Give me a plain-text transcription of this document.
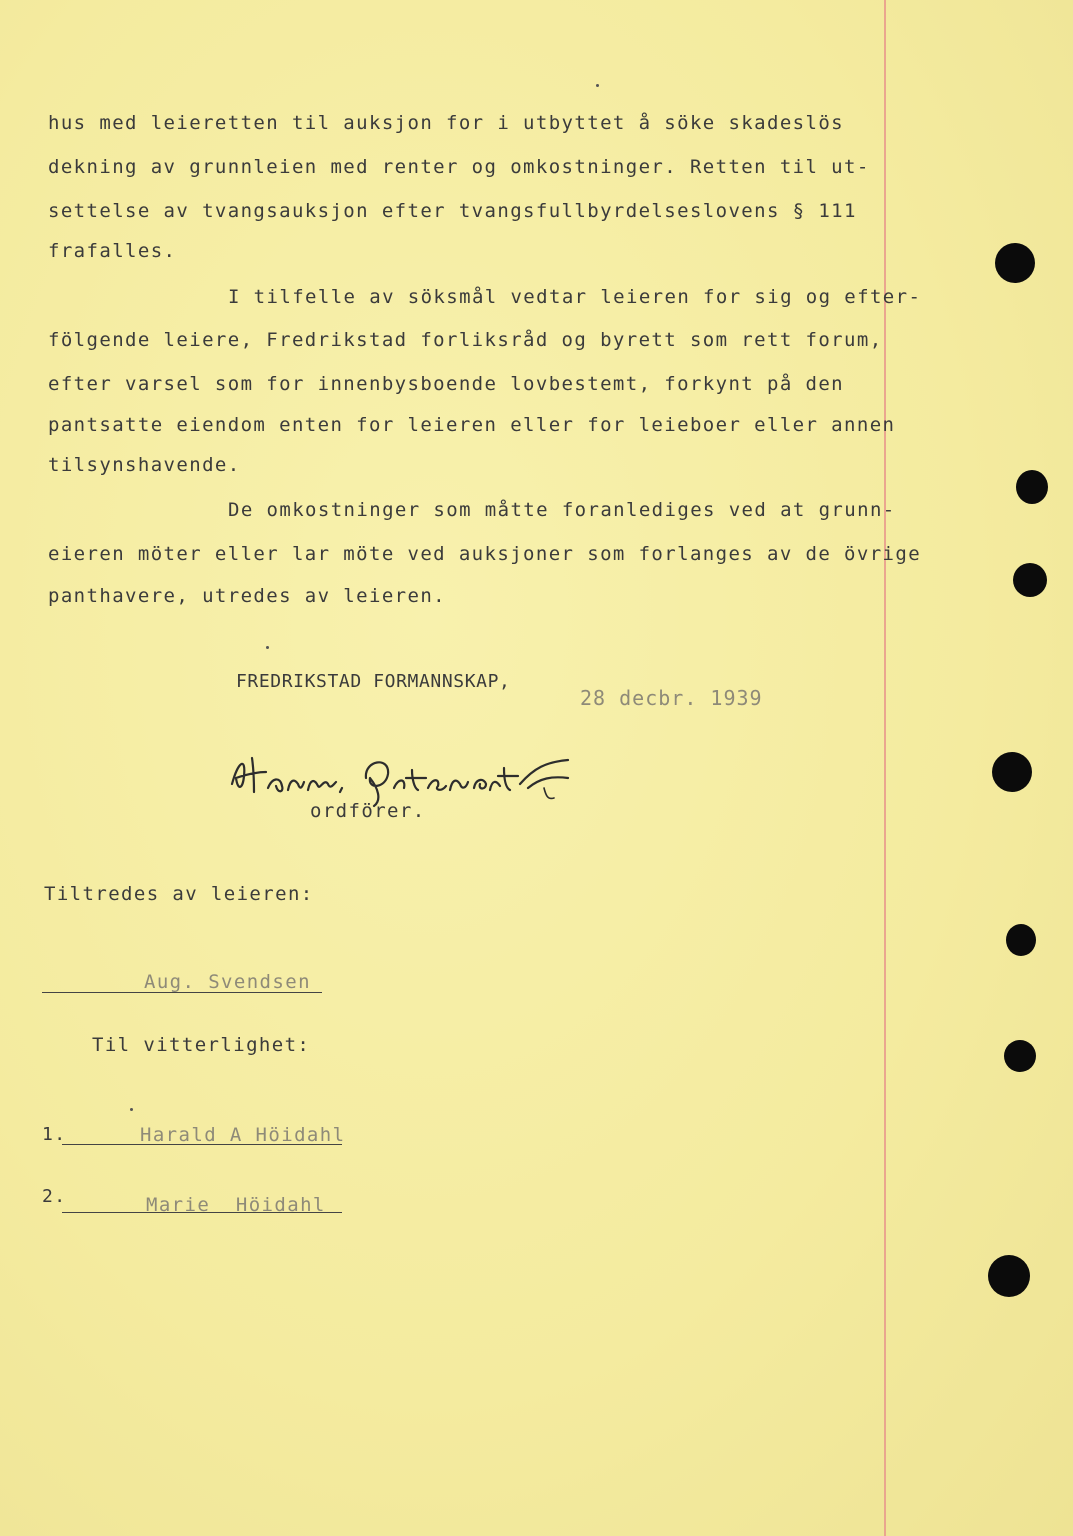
hus med leieretten til auksjon for i utbyttet å söke skadeslös
dekning av grunnleien med renter og omkostninger. Retten til ut-
settelse av tvangsauksjon efter tvangsfullbyrdelseslovens § 111
frafalles.
I tilfelle av söksmål vedtar leieren for sig og efter-
fölgende leiere, Fredrikstad forliksråd og byrett som rett forum,
efter varsel som for innenbysboende lovbestemt, forkynt på den
pantsatte eiendom enten for leieren eller for leieboer eller annen
tilsynshavende.
De omkostninger som måtte foranlediges ved at grunn-
eieren möter eller lar möte ved auksjoner som forlanges av de övrige
panthavere, utredes av leieren.
FREDRIKSTAD FORMANNSKAP,
28 decbr. 1939
ordförer.
Tiltredes av leieren:
Aug. Svendsen
Til vitterlighet:
1.	Harald A Höidahl
2.	Marie  Höidahl
